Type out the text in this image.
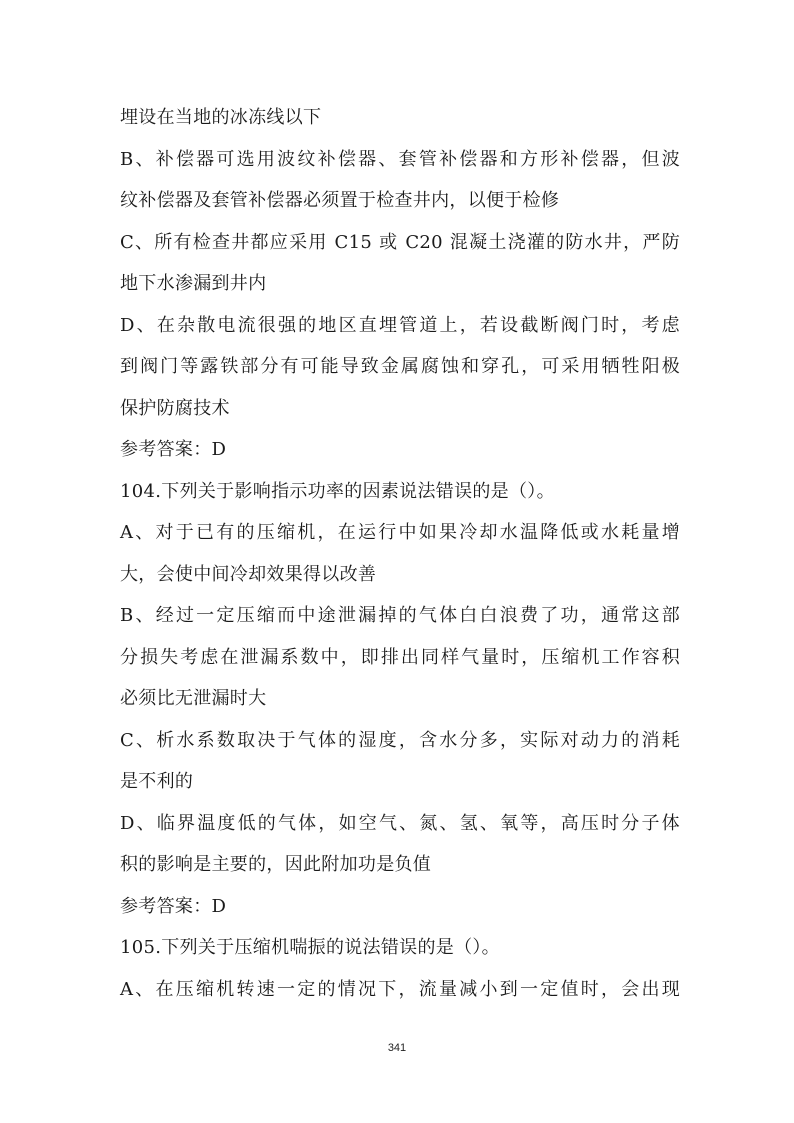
埋设在当地的冰冻线以下
B、补偿器可选用波纹补偿器、套管补偿器和方形补偿器，但波
纹补偿器及套管补偿器必须置于检查井内，以便于检修
C、所有检查井都应采用 C15 或 C20 混凝土浇灌的防水井，严防
地下水渗漏到井内
D、在杂散电流很强的地区直埋管道上，若设截断阀门时，考虑
到阀门等露铁部分有可能导致金属腐蚀和穿孔，可采用牺牲阳极
保护防腐技术
参考答案：D
104.下列关于影响指示功率的因素说法错误的是（）。
A、对于已有的压缩机，在运行中如果冷却水温降低或水耗量增
大，会使中间冷却效果得以改善
B、经过一定压缩而中途泄漏掉的气体白白浪费了功，通常这部
分损失考虑在泄漏系数中，即排出同样气量时，压缩机工作容积
必须比无泄漏时大
C、析水系数取决于气体的湿度，含水分多，实际对动力的消耗
是不利的
D、临界温度低的气体，如空气、氮、氢、氧等，高压时分子体
积的影响是主要的，因此附加功是负值
参考答案：D
105.下列关于压缩机喘振的说法错误的是（）。
A、在压缩机转速一定的情况下，流量减小到一定值时，会出现
341
